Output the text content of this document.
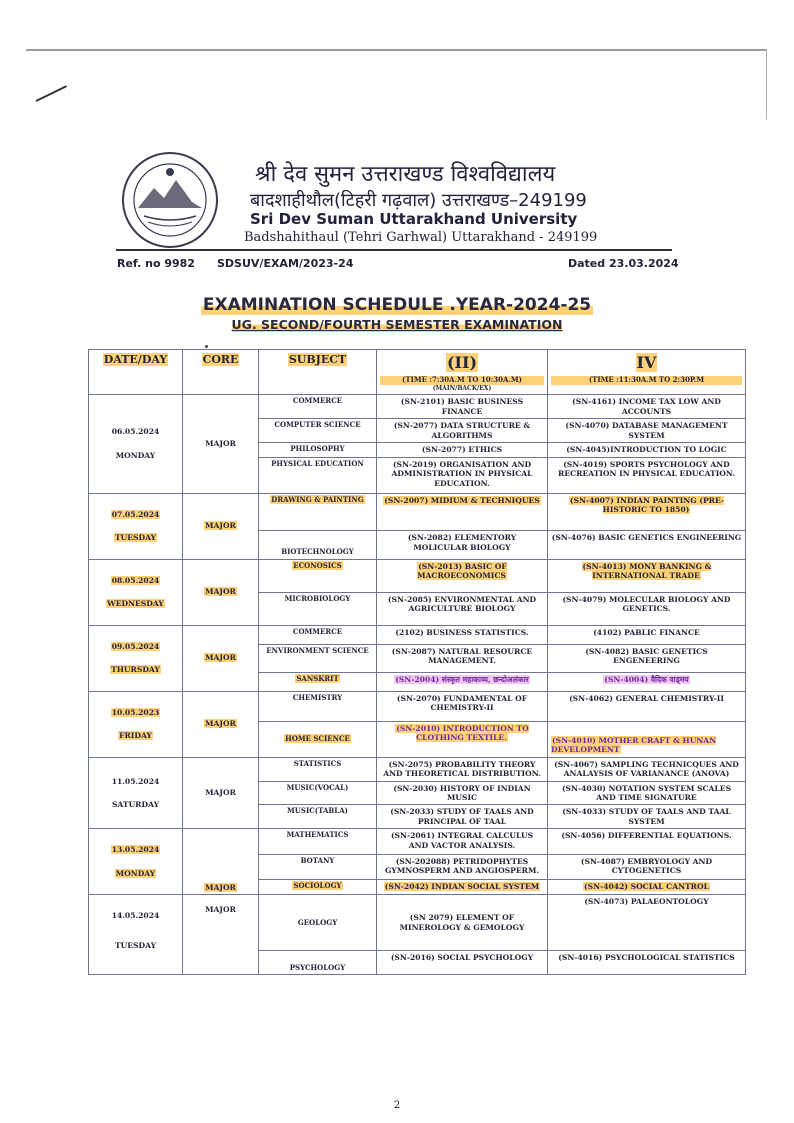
श्री देव सुमन उत्तराखण्ड विश्वविद्यालय
बादशाहीथौल(टिहरी गढ़वाल) उत्तराखण्ड–249199
Sri Dev Suman Uttarakhand University
Badshahithaul (Tehri Garhwal) Uttarakhand - 249199
Ref. no 9982 SDSUV/EXAM/2023-24	Dated 23.03.2024
EXAMINATION SCHEDULE .YEAR-2024-25
UG. SECOND/FOURTH SEMESTER EXAMINATION
DATE/DAY	CORE	SUBJECT	(II)
(TIME :7:30A.M TO 10:30A.M)
(MAIN/BACK/EX)	IV
(TIME :11:30A.M TO 2:30P.M

06.05.2024
MONDAY	MAJOR	COMMERCE	(SN-2101) BASIC BUSINESS FINANCE	(SN-4161) INCOME TAX LOW AND ACCOUNTS
		COMPUTER SCIENCE	(SN-2077) DATA STRUCTURE & ALGORITHMS	(SN-4070) DATABASE MANAGEMENT SYSTEM
		PHILOSOPHY	(SN-2077) ETHICS	(SN-4045)INTRODUCTION TO LOGIC
		PHYSICAL EDUCATION	(SN-2019) ORGANISATION AND ADMINISTRATION IN PHYSICAL EDUCATION.	(SN-4019) SPORTS PSYCHOLOGY AND RECREATION IN PHYSICAL EDUCATION.

07.05.2024
TUESDAY	MAJOR	DRAWING & PAINTING	(SN-2007) MIDIUM & TECHNIQUES	(SN-4007) INDIAN PAINTING (PRE-HISTORIC TO 1850)
		BIOTECHNOLOGY	(SN-2082) ELEMENTORY MOLICULAR BIOLOGY	(SN-4076) BASIC GENETICS ENGINEERING

08.05.2024
WEDNESDAY	MAJOR	ECONOSICS	(SN-2013) BASIC OF MACROECONOMICS	(SN-4013) MONY BANKING & INTERNATIONAL TRADE
		MICROBIOLOGY	(SN-2085) ENVIRONMENTAL AND AGRICULTURE BIOLOGY	(SN-4079) MOLECULAR BIOLOGY AND GENETICS.

09.05.2024
THURSDAY	MAJOR	COMMERCE	(2102) BUSINESS STATISTICS.	(4102) PABLIC FINANCE
		ENVIRONMENT SCIENCE	(SN-2087) NATURAL RESOURCE MANAGEMENT.	(SN-4082) BASIC GENETICS ENGENEERING
		SANSKRIT	(SN-2004) संस्कृत महाकाव्य, छन्दोअलंकार	(SN-4004) वैदिक वाड्मय

10.05.2023
FRIDAY	MAJOR	CHEMISTRY	(SN-2070) FUNDAMENTAL OF CHEMISTRY-II	(SN-4062) GENERAL CHEMISTRY-II
		HOME SCIENCE	(SN-2010) INTRODUCTION TO CLOTHING TEXTILE.	(SN-4010) MOTHER CRAFT & HUNAN DEVELOPMENT

11.05.2024
SATURDAY	MAJOR	STATISTICS	(SN-2075) PROBABILITY THEORY AND THEORETICAL DISTRIBUTION.	(SN-4067) SAMPLING TECHNICQUES AND ANALAYSIS OF VARIANANCE (ANOVA)
		MUSIC(VOCAL)	(SN-2030) HISTORY OF INDIAN MUSIC	(SN-4030) NOTATION SYSTEM SCALES AND TIME SIGNATURE
		MUSIC(TABLA)	(SN-2033) STUDY OF TAALS AND PRINCIPAL OF TAAL	(SN-4033) STUDY OF TAALS AND TAAL SYSTEM

13.05.2024
MONDAY	MAJOR	MATHEMATICS	(SN-2061) INTEGRAL CALCULUS AND VACTOR ANALYSIS.	(SN-4056) DIFFERENTIAL EQUATIONS.
		BOTANY	(SN-202088) PETRIDOPHYTES GYMNOSPERM AND ANGIOSPERM.	(SN-4087) EMBRYOLOGY AND CYTOGENETICS
		SOCIOLOGY	(SN-2042) INDIAN SOCIAL SYSTEM	(SN-4042) SOCIAL CANTROL

14.05.2024
TUESDAY	MAJOR	GEOLOGY	(SN 2079) ELEMENT OF MINEROLOGY & GEMOLOGY	(SN-4073) PALAEONTOLOGY
		PSYCHOLOGY	(SN-2016) SOCIAL PSYCHOLOGY	(SN-4016) PSYCHOLOGICAL STATISTICS
2
